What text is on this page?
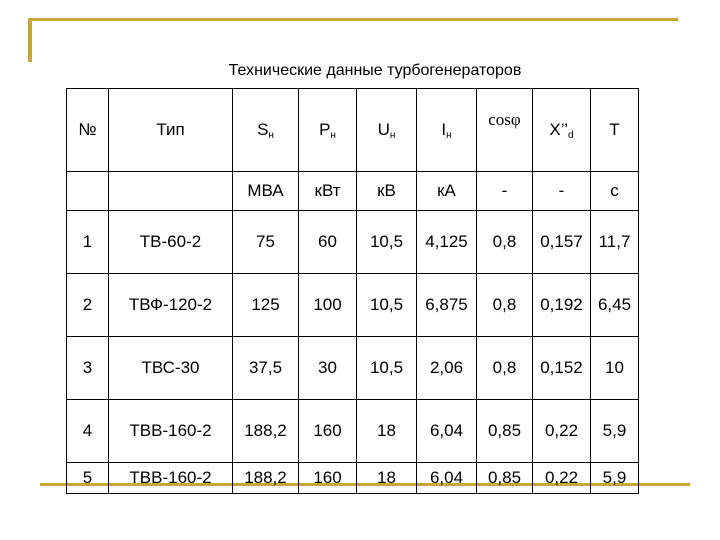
Технические данные турбогенераторов
№	Тип	$S_н$	$Р_н$	$U_н$	$I_н$	cosφ	$X’’_d$	T
		МВА	кВт	кВ	кА	-	-	с
1	ТВ-60-2	75	60	10,5	4,125	0,8	0,157	11,7
2	ТВФ-120-2	125	100	10,5	6,875	0,8	0,192	6,45
3	ТВС-30	37,5	30	10,5	2,06	0,8	0,152	10
4	ТВВ-160-2	188,2	160	18	6,04	0,85	0,22	5,9
5	ТВВ-160-2	188,2	160	18	6,04	0,85	0,22	5,9
